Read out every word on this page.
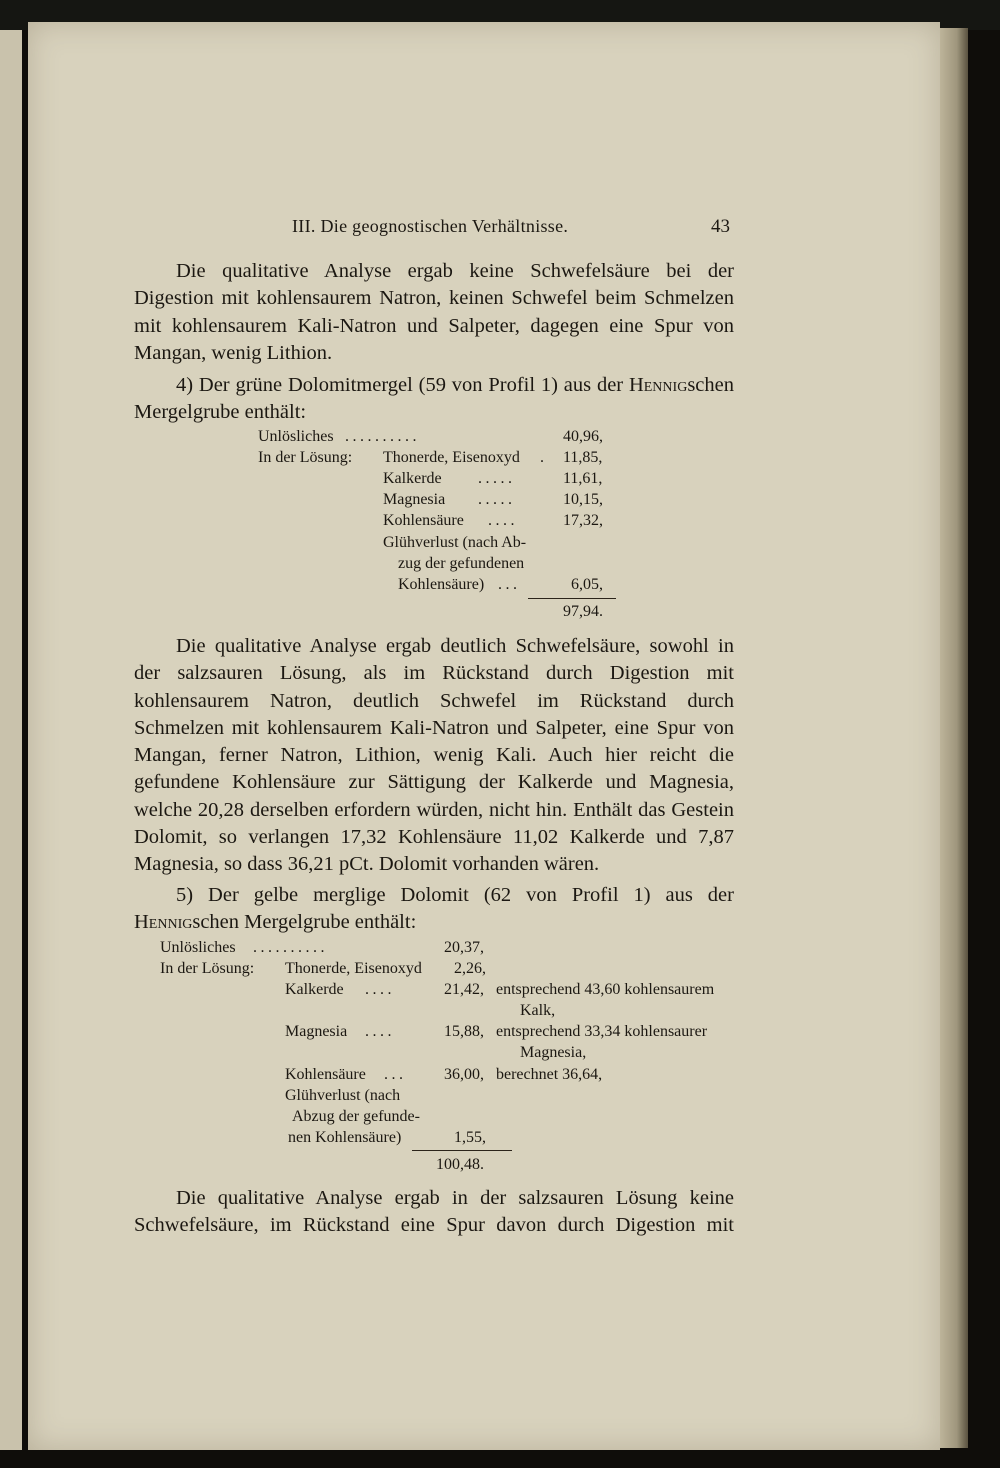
III. Die geognostischen Verhältnisse.	43

Die qualitative Analyse ergab keine Schwefelsäure bei der Digestion mit kohlensaurem Natron, keinen Schwefel beim Schmelzen mit kohlensaurem Kali-Natron und Salpeter, dagegen eine Spur von Mangan, wenig Lithion.

4) Der grüne Dolomitmergel (59 von Profil 1) aus der Hennigschen Mergelgrube enthält:

Unlösliches ..........	40,96,
In der Lösung: Thonerde, Eisenoxyd . 11,85,
Kalkerde .....	11,61,
Magnesia .....	10,15,
Kohlensäure ....	17,32,
Glühverlust (nach Ab-
zug der gefundenen
Kohlensäure) ...	6,05,
97,94.

Die qualitative Analyse ergab deutlich Schwefelsäure, sowohl in der salzsauren Lösung, als im Rückstand durch Digestion mit kohlensaurem Natron, deutlich Schwefel im Rückstand durch Schmelzen mit kohlensaurem Kali-Natron und Salpeter, eine Spur von Mangan, ferner Natron, Lithion, wenig Kali. Auch hier reicht die gefundene Kohlensäure zur Sättigung der Kalkerde und Magnesia, welche 20,28 derselben erfordern würden, nicht hin. Enthält das Gestein Dolomit, so verlangen 17,32 Kohlensäure 11,02 Kalkerde und 7,87 Magnesia, so dass 36,21 pCt. Dolomit vorhanden wären.

5) Der gelbe merglige Dolomit (62 von Profil 1) aus der Hennigschen Mergelgrube enthält:

Unlösliches ..........	20,37,
In der Lösung: Thonerde, Eisenoxyd 2,26,
Kalkerde ....	21,42, entsprechend 43,60 kohlensaurem
Kalk,
Magnesia ....	15,88, entsprechend 33,34 kohlensaurer
Magnesia,
Kohlensäure ... 36,00, berechnet 36,64,
Glühverlust (nach
Abzug der gefunde-
nen Kohlensäure)	1,55,
100,48.

Die qualitative Analyse ergab in der salzsauren Lösung keine Schwefelsäure, im Rückstand eine Spur davon durch Digestion mit
